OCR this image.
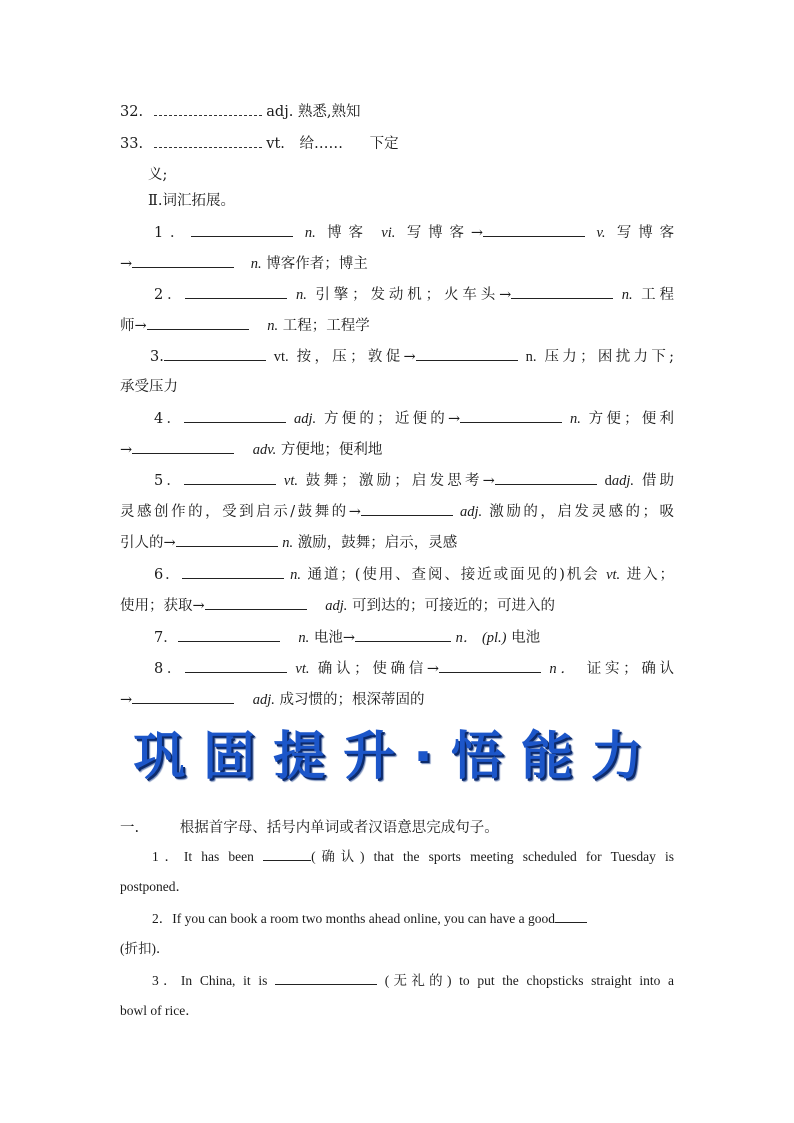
32.	adj. 熟悉,熟知
33.	vt. 给…… 下定
义;
Ⅱ.词汇拓展。
1．	n. 博客 vi. 写博客→	v. 写博客
→	n. 博客作者；博主
2．	n. 引擎；发动机；火车头→	n. 工程
师→	n. 工程；工程学
3.	vt. 按，压；敦促→	n. 压力；困扰力下;
承受压力
4．	adj. 方便的；近便的→	n. 方便；便利
→	adv. 方便地；便利地
5．	vt. 鼓舞；激励；启发思考→	dadj. 借助
灵感创作的，受到启示/鼓舞的→	adj. 激励的，启发灵感的；吸
引人的→	n. 激励，鼓舞；启示，灵感
6．	n. 通道；(使用、查阅、接近或面见的)机会 vt. 进入；
使用；获取→	adj. 可到达的；可接近的；可进入的
7．	n. 电池→	n． (pl.) 电池
8．	vt. 确认；使确信→	n． 证实；确认
→	adj. 成习惯的；根深蒂固的
巩固提升·悟能力
一.	根据首字母、括号内单词或者汉语意思完成句子。
1．It has been	(确认) that the sports meeting scheduled for Tuesday is
postponed．
2．If you can book a room two months ahead online, you can have a good
(折扣)．
3．In China, it is	(无礼的) to put the chopsticks straight into a
bowl of rice．
